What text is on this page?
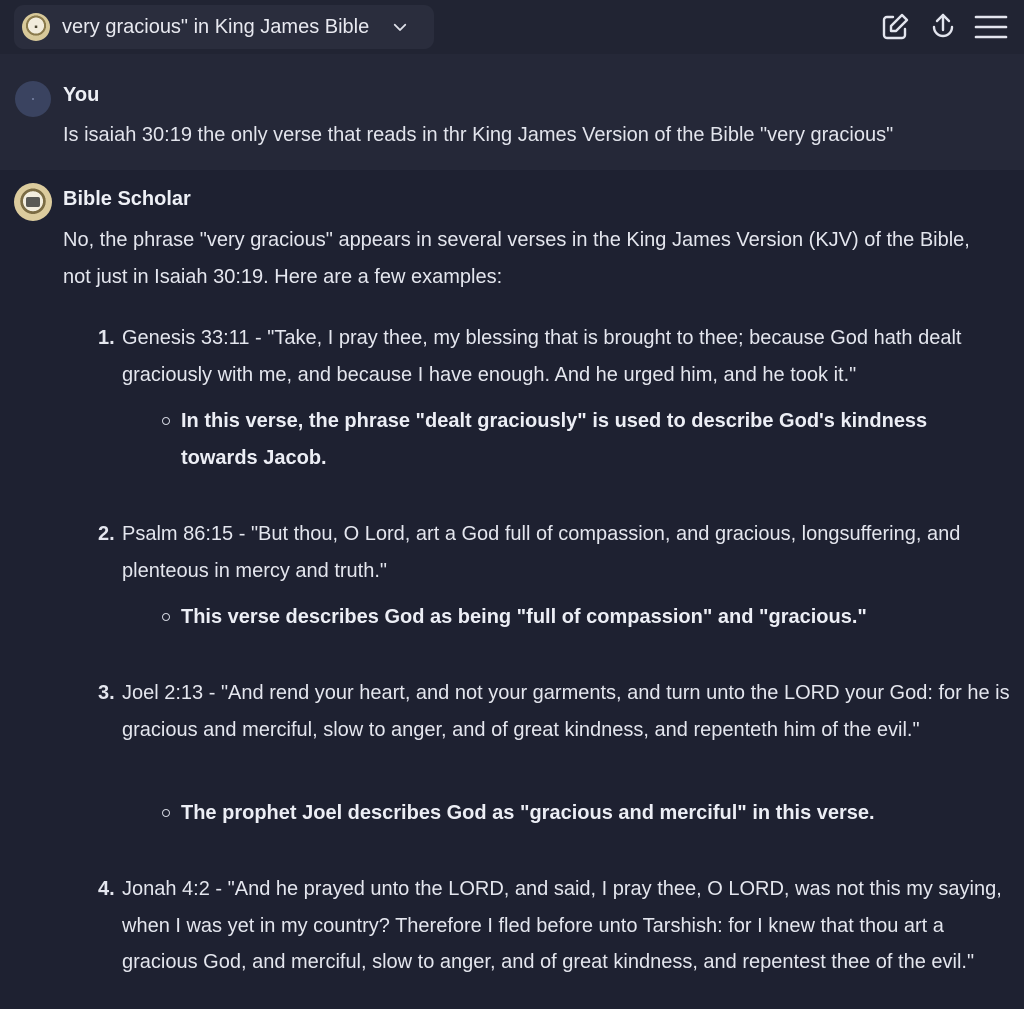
▪	very gracious" in King James Bible
You
Is isaiah 30:19 the only verse that reads in thr King James Version of the Bible "very gracious"
Bible Scholar
No, the phrase "very gracious" appears in several verses in the King James Version (KJV) of the Bible, not just in Isaiah 30:19. Here are a few examples:
1. Genesis 33:11 - "Take, I pray thee, my blessing that is brought to thee; because God hath dealt graciously with me, and because I have enough. And he urged him, and he took it."
In this verse, the phrase "dealt graciously" is used to describe God's kindness towards Jacob.
2. Psalm 86:15 - "But thou, O Lord, art a God full of compassion, and gracious, longsuffering, and plenteous in mercy and truth."
This verse describes God as being "full of compassion" and "gracious."
3. Joel 2:13 - "And rend your heart, and not your garments, and turn unto the LORD your God: for he is gracious and merciful, slow to anger, and of great kindness, and repenteth him of the evil."
The prophet Joel describes God as "gracious and merciful" in this verse.
4. Jonah 4:2 - "And he prayed unto the LORD, and said, I pray thee, O LORD, was not this my saying, when I was yet in my country? Therefore I fled before unto Tarshish: for I knew that thou art a gracious God, and merciful, slow to anger, and of great kindness, and repentest thee of the evil."
